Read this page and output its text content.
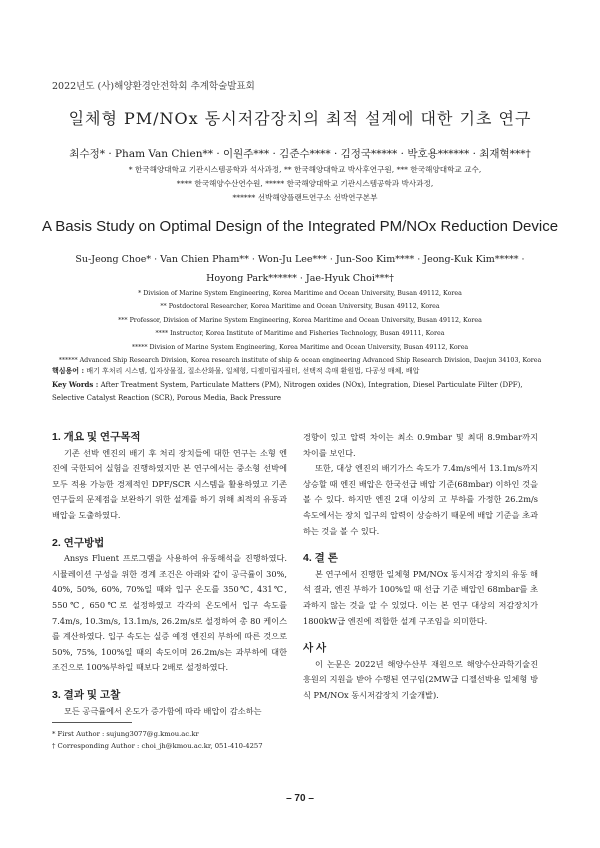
2022년도 (사)해양환경안전학회 추계학술발표회
일체형 PM/NOx 동시저감장치의 최적 설계에 대한 기초 연구
최수정* · Pham Van Chien** · 이원주*** · 김준수**** · 김정국***** · 박호용****** · 최재혁***†
* 한국해양대학교 기관시스템공학과 석사과정, ** 한국해양대학교 박사후연구원, *** 한국해양대학교 교수,
**** 한국해양수산연수원, ***** 한국해양대학교 기관시스템공학과 박사과정,
****** 선박해양플랜트연구소 선박연구본부
A Basis Study on Optimal Design of the Integrated PM/NOx Reduction Device
Su-Jeong Choe* · Van Chien Pham** · Won-Ju Lee*** · Jun-Soo Kim**** · Jeong-Kuk Kim***** ·
Hoyong Park****** · Jae-Hyuk Choi***†
* Division of Marine System Engineering, Korea Maritime and Ocean University, Busan 49112, Korea
** Postdoctoral Researcher, Korea Maritime and Ocean University, Busan 49112, Korea
*** Professor, Division of Marine System Engineering, Korea Maritime and Ocean University, Busan 49112, Korea
**** Instructor, Korea Institute of Maritime and Fisheries Technology, Busan 49111, Korea
***** Division of Marine System Engineering, Korea Maritime and Ocean University, Busan 49112, Korea
****** Advanced Ship Research Division, Korea research institute of ship & ocean engineering Advanced Ship Research Division, Daejun 34103, Korea
핵심용어 : 배기 후처리 시스템, 입자상물질, 질소산화물, 일체형, 디젤미립자필터, 선택적 촉매 환원법, 다공성 매체, 배압
Key Words : After Treatment System, Particulate Matters (PM), Nitrogen oxides (NOx), Integration, Diesel Particulate Filter (DPF), Selective Catalyst Reaction (SCR), Porous Media, Back Pressure
1. 개요 및 연구목적

기존 선박 엔진의 배기 후 처리 장치들에 대한 연구는 소형 엔진에 국한되어 실험을 진행하였지만 본 연구에서는 중소형 선박에 모두 적용 가능한 경제적인 DPF/SCR 시스템을 활용하였고 기존 연구들의 문제점을 보완하기 위한 설계를 하기 위해 최적의 유동과 배압을 도출하였다.

2. 연구방법

Ansys Fluent 프로그램을 사용하여 유동해석을 진행하였다. 시뮬레이션 구성을 위한 경계 조건은 아래와 같이 공극률이 30%, 40%, 50%, 60%, 70%일 때와 입구 온도를 350℃, 431℃, 550℃, 650℃로 설정하였고 각각의 온도에서 입구 속도를 7.4m/s, 10.3m/s, 13.1m/s, 26.2m/s로 설정하여 총 80 케이스를 계산하였다. 입구 속도는 실증 예정 엔진의 부하에 따른 것으로 50%, 75%, 100%일 때의 속도이며 26.2m/s는 과부하에 대한 조건으로 100%부하일 때보다 2배로 설정하였다.

3. 결과 및 고찰

모든 공극률에서 온도가 증가함에 따라 배압이 감소하는

경향이 있고 압력 차이는 최소 0.9mbar 및 최대 8.9mbar까지 차이를 보인다.

또한, 대상 엔진의 배기가스 속도가 7.4m/s에서 13.1m/s까지 상승할 때 엔진 배압은 한국선급 배압 기준(68mbar) 이하인 것을 볼 수 있다. 하지만 엔진 2대 이상의 고 부하를 가정한 26.2m/s 속도에서는 장치 입구의 압력이 상승하기 때문에 배압 기준을 초과하는 것을 볼 수 있다.

4. 결 론

본 연구에서 진행한 일체형 PM/NOx 동시저감 장치의 유동 해석 결과, 엔진 부하가 100%일 때 선급 기준 배압인 68mbar를 초과하지 않는 것을 알 수 있었다. 이는 본 연구 대상의 저감장치가 1800kW급 엔진에 적합한 설계 구조임을 의미한다.

사 사

이 논문은 2022년 해양수산부 재원으로 해양수산과학기술진흥원의 지원을 받아 수행된 연구임(2MW급 디젤선박용 일체형 방식 PM/NOx 동시저감장치 기술개발).

* First Author : sujung3077@g.kmou.ac.kr
† Corresponding Author : choi_jh@kmou.ac.kr, 051-410-4257
– 70 –
